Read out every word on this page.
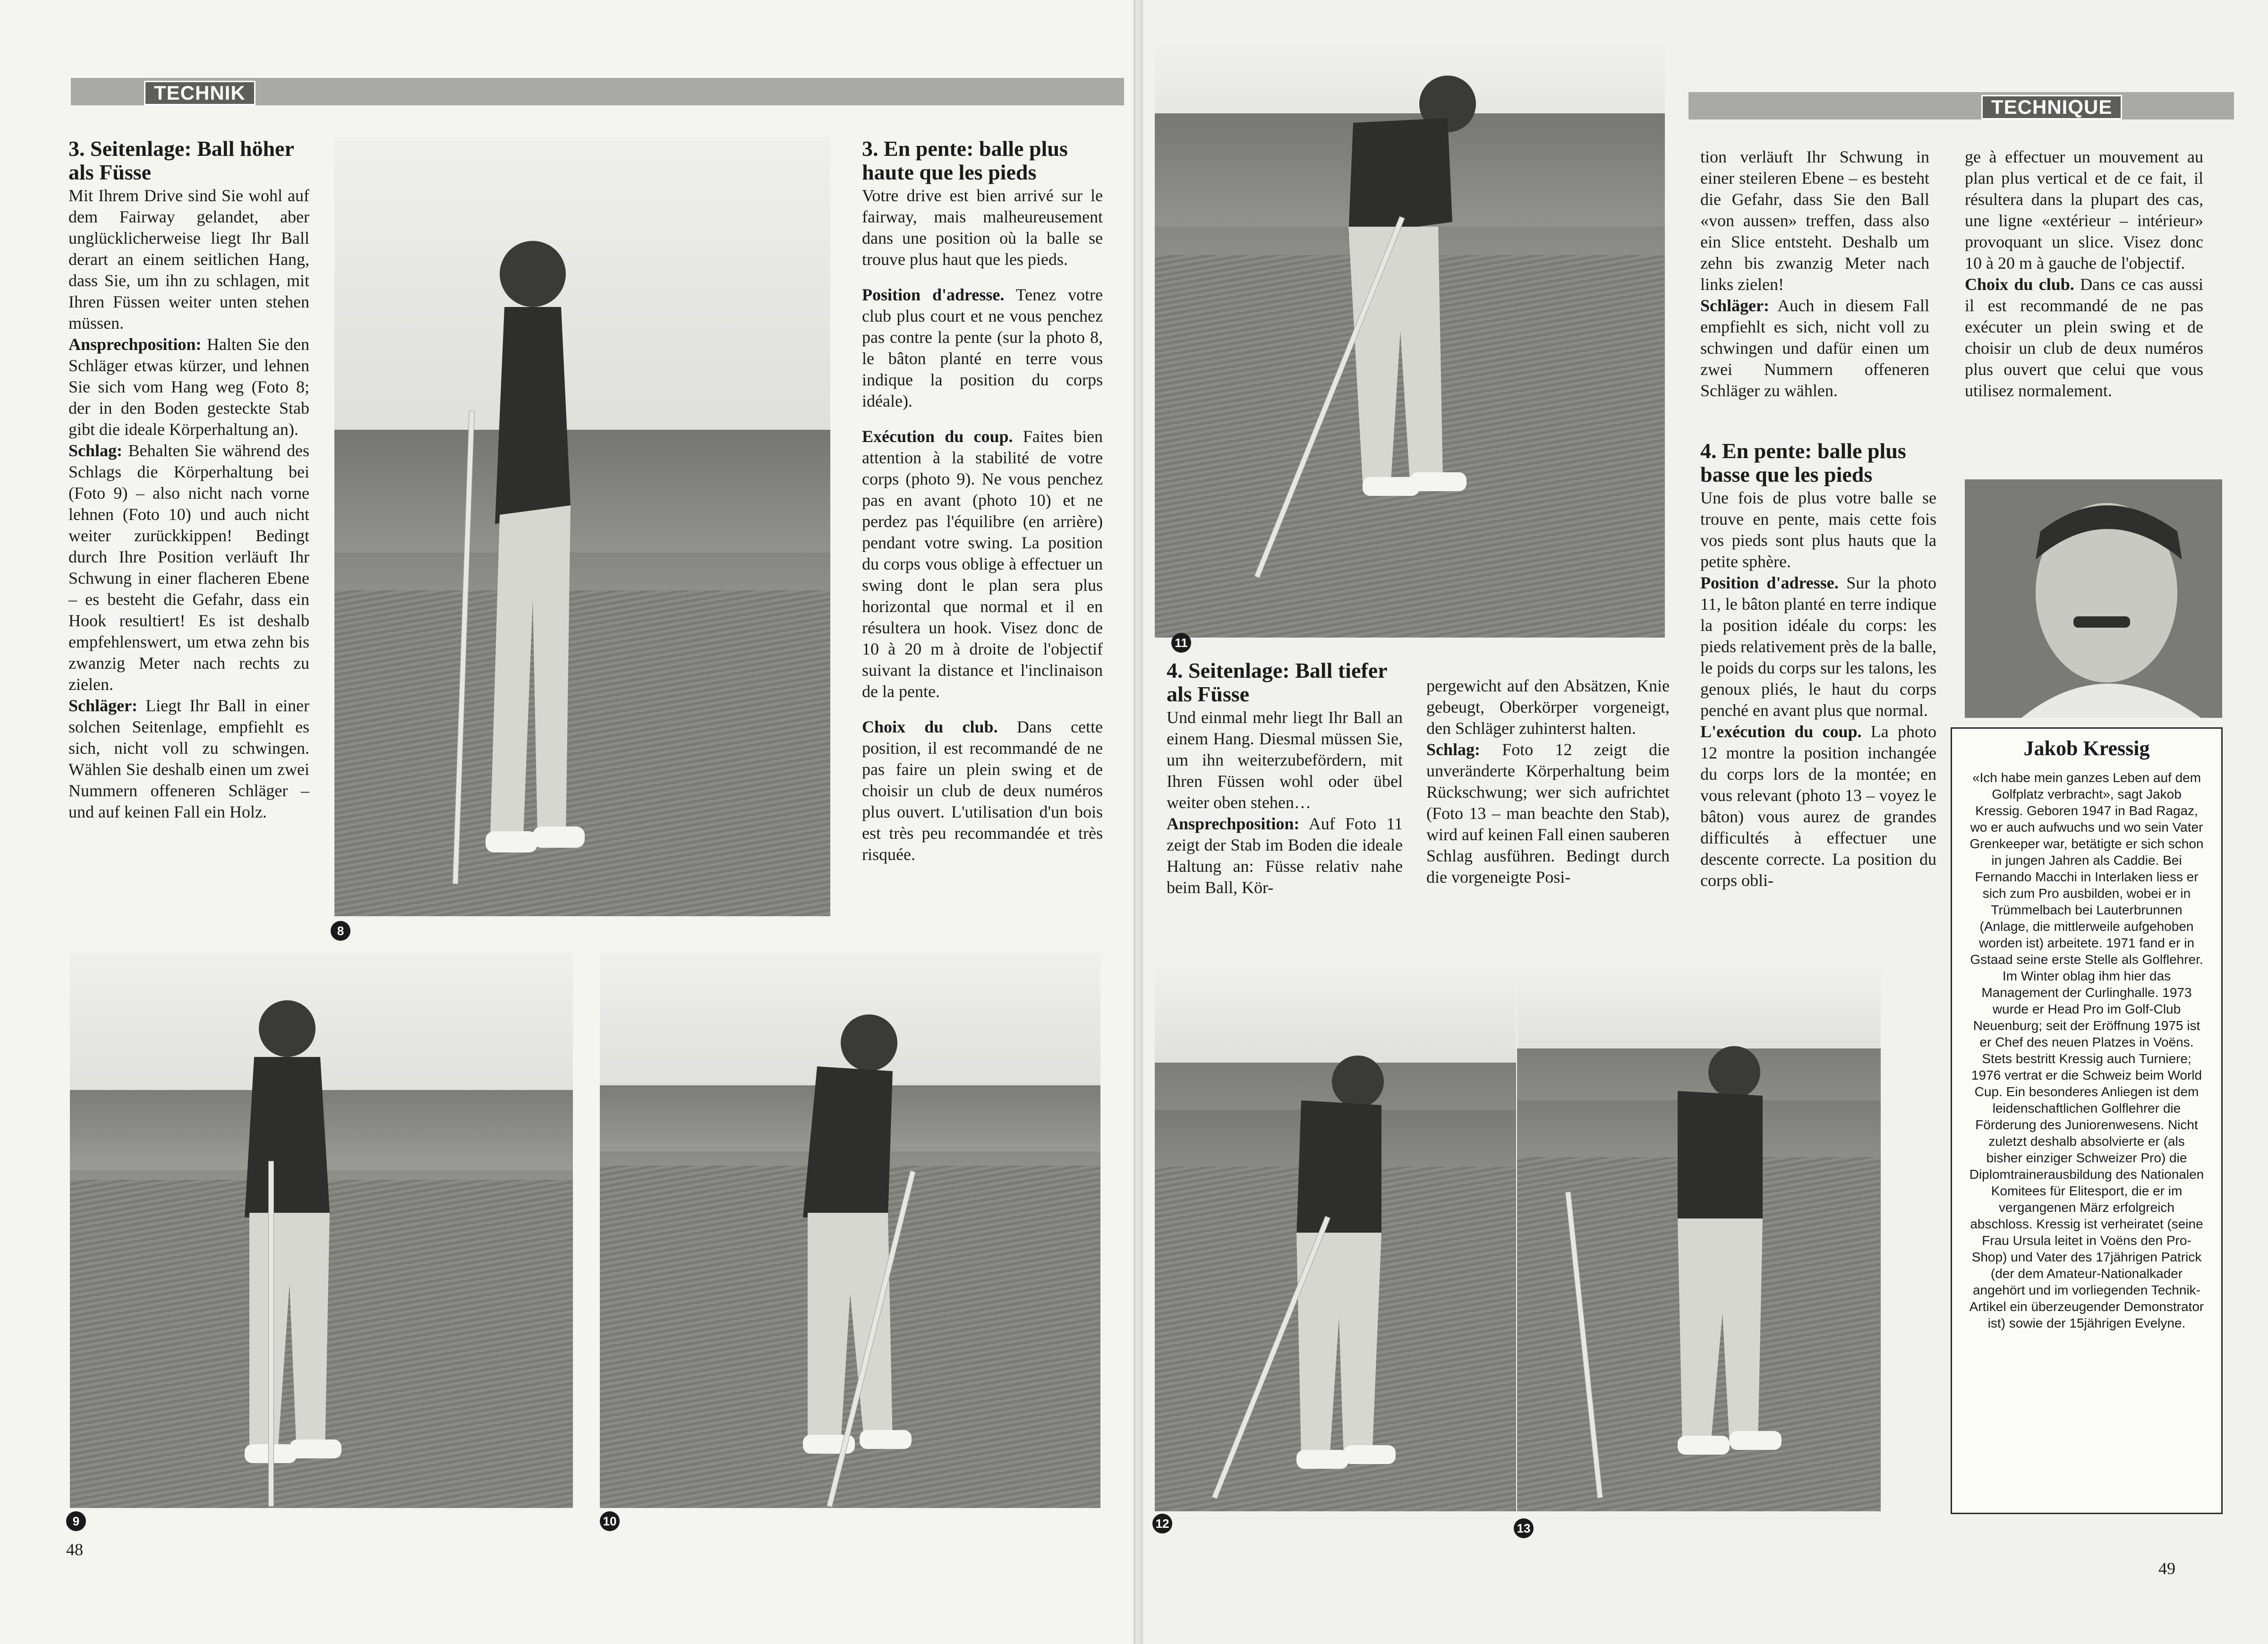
TECHNIK
3. Seitenlage: Ball höher als Füsse

Mit Ihrem Drive sind Sie wohl auf dem Fairway gelandet, aber unglücklicherweise liegt Ihr Ball derart an einem seitlichen Hang, dass Sie, um ihn zu schlagen, mit Ihren Füssen weiter unten stehen müssen.

Ansprechposition: Halten Sie den Schläger etwas kürzer, und lehnen Sie sich vom Hang weg (Foto 8; der in den Boden gesteckte Stab gibt die ideale Körperhaltung an).

Schlag: Behalten Sie während des Schlags die Körperhaltung bei (Foto 9) – also nicht nach vorne lehnen (Foto 10) und auch nicht weiter zurückkippen! Bedingt durch Ihre Position verläuft Ihr Schwung in einer flacheren Ebene – es besteht die Gefahr, dass ein Hook resultiert! Es ist deshalb empfehlenswert, um etwa zehn bis zwanzig Meter nach rechts zu zielen.

Schläger: Liegt Ihr Ball in einer solchen Seitenlage, empfiehlt es sich, nicht voll zu schwingen. Wählen Sie deshalb einen um zwei Nummern offeneren Schläger – und auf keinen Fall ein Holz.

8
3. En pente: balle plus haute que les pieds

Votre drive est bien arrivé sur le fairway, mais malheureusement dans une position où la balle se trouve plus haut que les pieds.

Position d'adresse. Tenez votre club plus court et ne vous penchez pas contre la pente (sur la photo 8, le bâton planté en terre vous indique la position du corps idéale).

Exécution du coup. Faites bien attention à la stabilité de votre corps (photo 9). Ne vous penchez pas en avant (photo 10) et ne perdez pas l'équilibre (en arrière) pendant votre swing. La position du corps vous oblige à effectuer un swing dont le plan sera plus horizontal que normal et il en résultera un hook. Visez donc de 10 à 20 m à droite de l'objectif suivant la distance et l'inclinaison de la pente.

Choix du club. Dans cette position, il est recommandé de ne pas faire un plein swing et de choisir un club de deux numéros plus ouvert. L'utilisation d'un bois est très peu recommandée et très risquée.

9	10
48
11
TECHNIQUE

tion verläuft Ihr Schwung in einer steileren Ebene – es besteht die Gefahr, dass Sie den Ball «von aussen» treffen, dass also ein Slice entsteht. Deshalb um zehn bis zwanzig Meter nach links zielen!

Schläger: Auch in diesem Fall empfiehlt es sich, nicht voll zu schwingen und dafür einen um zwei Nummern offeneren Schläger zu wählen.

ge à effectuer un mouvement au plan plus vertical et de ce fait, il résultera dans la plupart des cas, une ligne «extérieur – intérieur» provoquant un slice. Visez donc 10 à 20 m à gauche de l'objectif.

Choix du club. Dans ce cas aussi il est recommandé de ne pas exécuter un plein swing et de choisir un club de deux numéros plus ouvert que celui que vous utilisez normalement.

4. En pente: balle plus basse que les pieds

Une fois de plus votre balle se trouve en pente, mais cette fois vos pieds sont plus hauts que la petite sphère.

Position d'adresse. Sur la photo 11, le bâton planté en terre indique la position idéale du corps: les pieds relativement près de la balle, le poids du corps sur les talons, les genoux pliés, le haut du corps penché en avant plus que normal.

L'exécution du coup. La photo 12 montre la position inchangée du corps lors de la montée; en vous relevant (photo 13 – voyez le bâton) vous aurez de grandes difficultés à effectuer une descente correcte. La position du corps obli-

4. Seitenlage: Ball tiefer als Füsse

Und einmal mehr liegt Ihr Ball an einem Hang. Diesmal müssen Sie, um ihn weiterzubefördern, mit Ihren Füssen wohl oder übel weiter oben stehen…

Ansprechposition: Auf Foto 11 zeigt der Stab im Boden die ideale Haltung an: Füsse relativ nahe beim Ball, Kör-

pergewicht auf den Absätzen, Knie gebeugt, Oberkörper vorgeneigt, den Schläger zuhinterst halten.

Schlag: Foto 12 zeigt die unveränderte Körperhaltung beim Rückschwung; wer sich aufrichtet (Foto 13 – man beachte den Stab), wird auf keinen Fall einen sauberen Schlag ausführen. Bedingt durch die vorgeneigte Posi-

Jakob Kressig
«Ich habe mein ganzes Leben auf dem Golfplatz verbracht», sagt Jakob Kressig. Geboren 1947 in Bad Ragaz, wo er auch aufwuchs und wo sein Vater Grenkeeper war, betätigte er sich schon in jungen Jahren als Caddie. Bei Fernando Macchi in Interlaken liess er sich zum Pro ausbilden, wobei er in Trümmelbach bei Lauterbrunnen (Anlage, die mittlerweile aufgehoben worden ist) arbeitete. 1971 fand er in Gstaad seine erste Stelle als Golflehrer. Im Winter oblag ihm hier das Management der Curlinghalle. 1973 wurde er Head Pro im Golf-Club Neuenburg; seit der Eröffnung 1975 ist er Chef des neuen Platzes in Voëns. Stets bestritt Kressig auch Turniere; 1976 vertrat er die Schweiz beim World Cup. Ein besonderes Anliegen ist dem leidenschaftlichen Golflehrer die Förderung des Juniorenwesens. Nicht zuletzt deshalb absolvierte er (als bisher einziger Schweizer Pro) die Diplomtrainerausbildung des Nationalen Komitees für Elitesport, die er im vergangenen März erfolgreich abschloss. Kressig ist verheiratet (seine Frau Ursula leitet in Voëns den Pro-Shop) und Vater des 17jährigen Patrick (der dem Amateur-Nationalkader angehört und im vorliegenden Technik-Artikel ein überzeugender Demonstrator ist) sowie der 15jährigen Evelyne.
12	13
49
